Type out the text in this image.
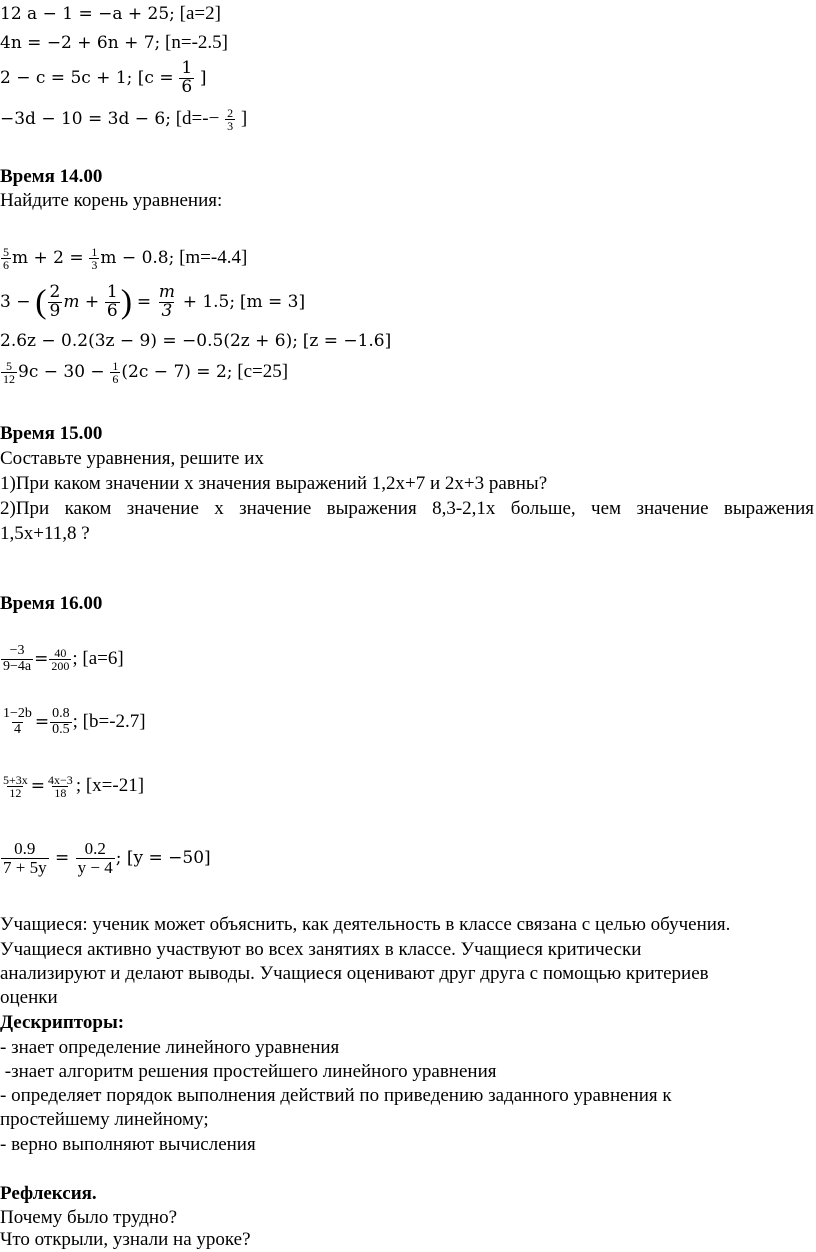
12 a − 1 = −a + 25; [a=2]
4n = −2 + 6n + 7; [n=-2.5]
2 − c = 5c + 1; [$c = \frac{1}{6}$ ]
−3d − 10 = 3d − 6; [$d=-- \frac{2}{3}$ ]
Время 14.00
Найдите корень уравнения:
$\frac{5}{6}$ $m + 2 = \frac{1}{3}$ m − 0.8; [m=-4.4]
3 − ( $\frac{2}{9}$ $m + \frac{1}{6}$ ) = $\frac{m}{3} + 1.5$; [m = 3]
2.6z − 0.2(3z − 9) = −0.5(2z + 6); [z = −1.6]
$\frac{5}{12} 9c - 30 - \frac{1}{6} (2c - 7) = 2$; [c=25]
Время 15.00
Составьте уравнения, решите их
1)При каком значении x значения выражений 1,2x+7 и 2x+3 равны?
2)При каком значение x значение выражения 8,3-2,1x больше, чем значение выражения
1,5x+11,8 ?
Время 16.00
$\frac{-3}{9-4a} = \frac{40}{200}$ ; [a=6]
$\frac{1-2b}{4} = \frac{0.8}{0.5}$ ; [b=-2.7]
$\frac{5+3x}{12} = \frac{4x-3}{18}$ ; [x=-21]
$\frac{0.9}{7 + 5y} = \frac{0.2}{y - 4}$ ; [y = −50]
Учащиеся: ученик может объяснить, как деятельность в классе связана с целью обучения.
Учащиеся активно участвуют во всех занятиях в классе. Учащиеся критически
анализируют и делают выводы. Учащиеся оценивают друг друга с помощью критериев
оценки
Дескрипторы:
- знает определение линейного уравнения
-знает алгоритм решения простейшего линейного уравнения
- определяет порядок выполнения действий по приведению заданного уравнения к
простейшему линейному;
- верно выполняют вычисления
Рефлексия.
Почему было трудно?
Что открыли, узнали на уроке?
